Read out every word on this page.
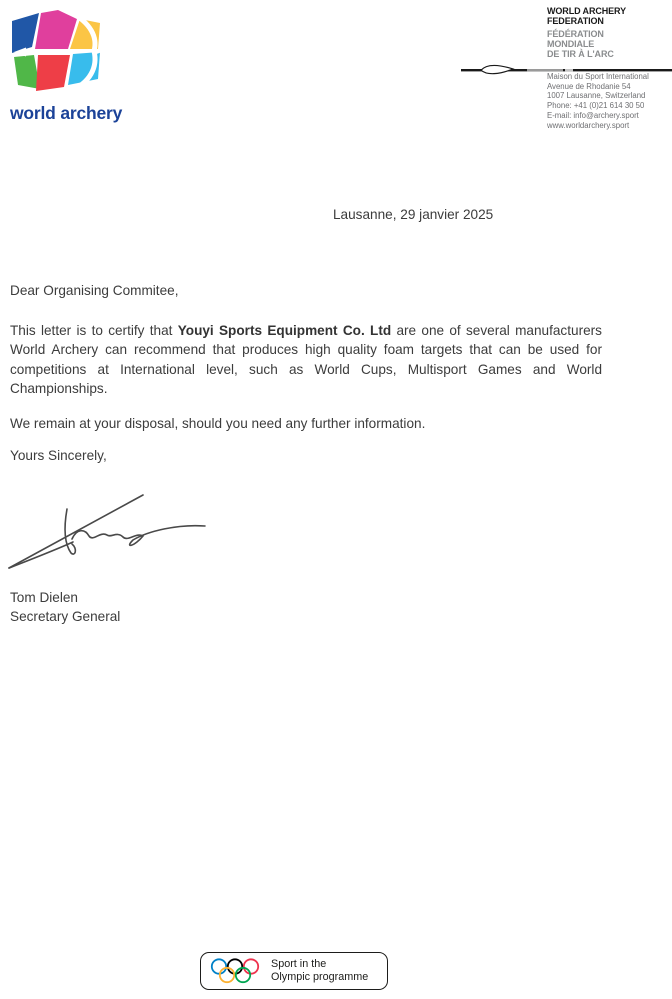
world archery
WORLD ARCHERY
FEDERATION
FÉDÉRATION
MONDIALE
DE TIR À L'ARC
Maison du Sport International
Avenue de Rhodanie 54
1007 Lausanne, Switzerland
Phone: +41 (0)21 614 30 50
E-mail: info@archery.sport
www.worldarchery.sport
Lausanne, 29 janvier 2025
Dear Organising Commitee,

This letter is to certify that Youyi Sports Equipment Co. Ltd are one of several manufacturers World Archery can recommend that produces high quality foam targets that can be used for competitions at International level, such as World Cups, Multisport Games and World Championships.

We remain at your disposal, should you need any further information.

Yours Sincerely,
Tom Dielen
Secretary General
Sport in the
Olympic programme
